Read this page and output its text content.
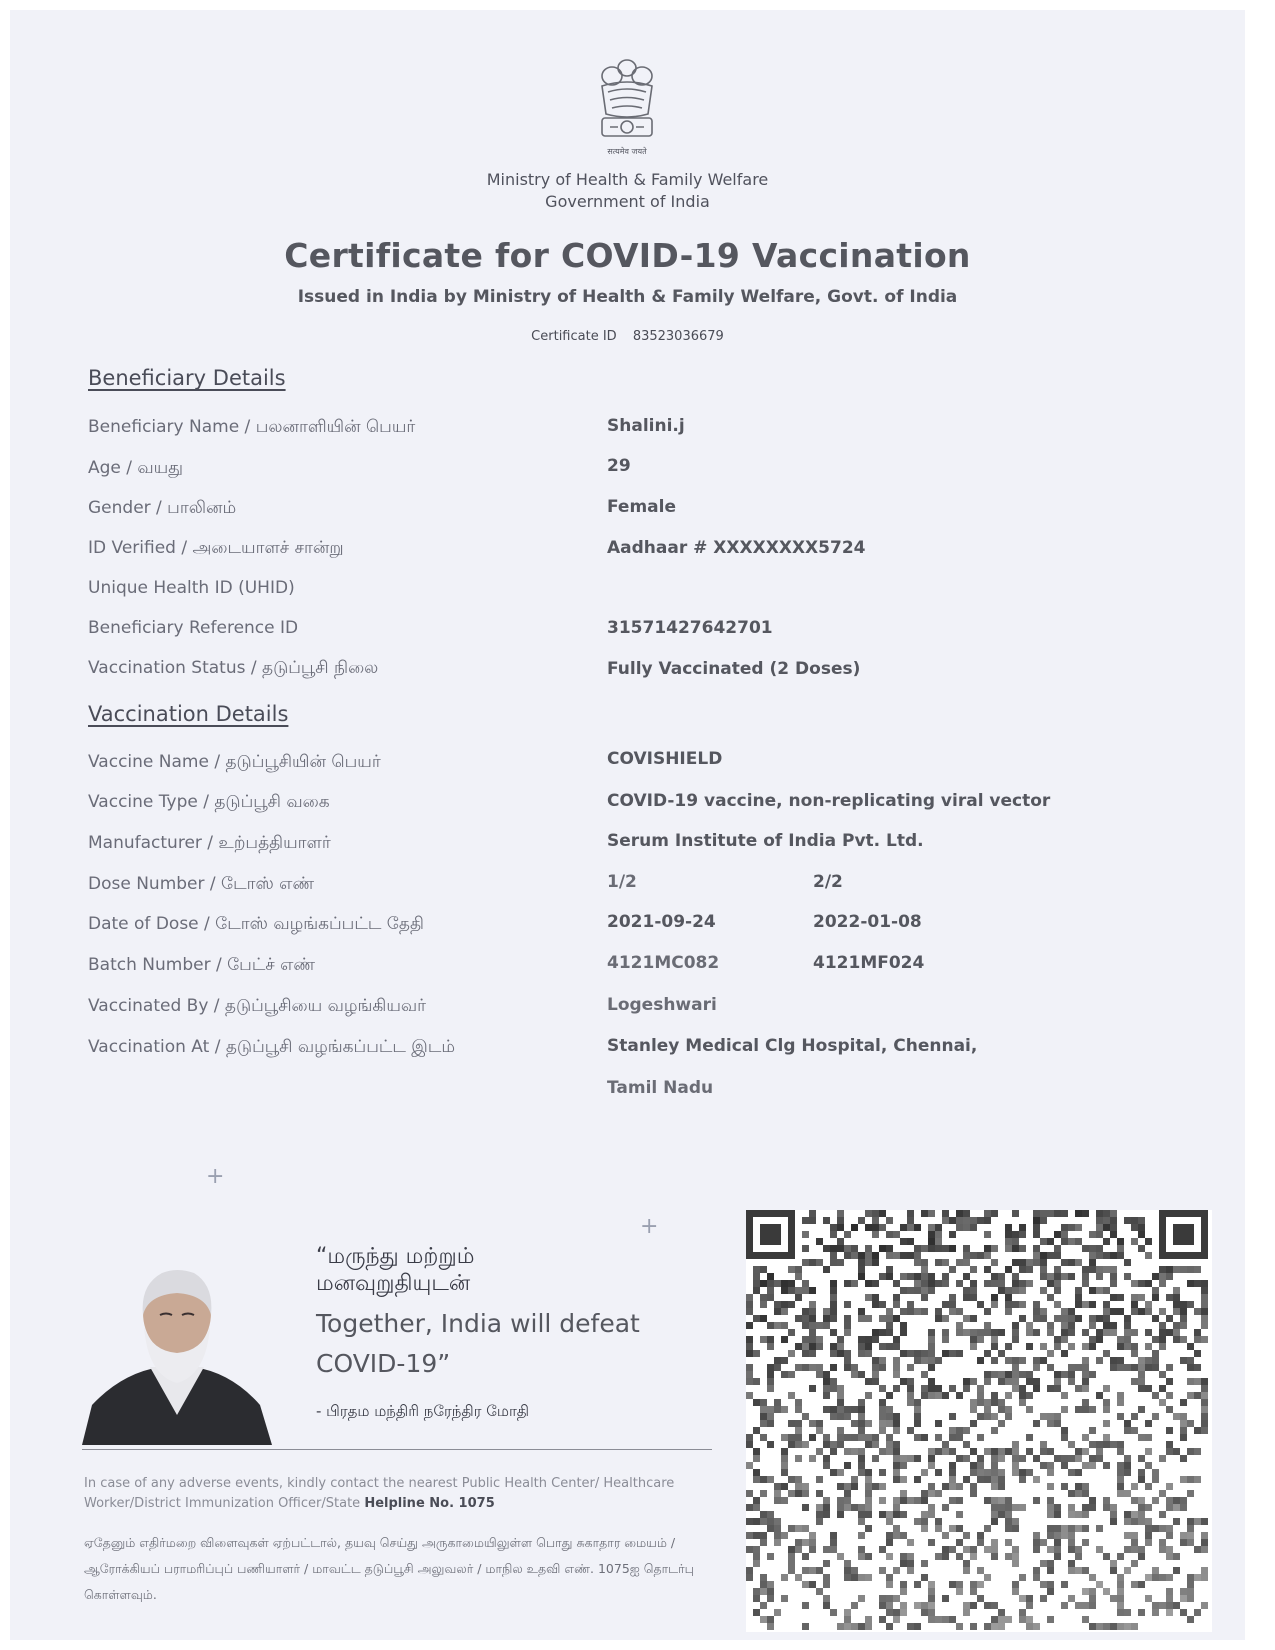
सत्यमेव जयते
Ministry of Health & Family Welfare
Government of India
Certificate for COVID-19 Vaccination
Issued in India by Ministry of Health & Family Welfare, Govt. of India
Certificate ID 83523036679
Beneficiary Details
Beneficiary Name / பலனாளியின் பெயர்	Shalini.j
Age / வயது	29
Gender / பாலினம்	Female
ID Verified / அடையாளச் சான்று	Aadhaar # XXXXXXXX5724
Unique Health ID (UHID)
Beneficiary Reference ID	31571427642701
Vaccination Status / தடுப்பூசி நிலை	Fully Vaccinated (2 Doses)
Vaccination Details
Vaccine Name / தடுப்பூசியின் பெயர்	COVISHIELD
Vaccine Type / தடுப்பூசி வகை	COVID-19 vaccine, non-replicating viral vector
Manufacturer / உற்பத்தியாளர்	Serum Institute of India Pvt. Ltd.
Dose Number / டோஸ் எண்	1/2	2/2
Date of Dose / டோஸ் வழங்கப்பட்ட தேதி	2021-09-24	2022-01-08
Batch Number / பேட்ச் எண்	4121MC082	4121MF024
Vaccinated By / தடுப்பூசியை வழங்கியவர்	Logeshwari
Vaccination At / தடுப்பூசி வழங்கப்பட்ட இடம்	Stanley Medical Clg Hospital, Chennai,
Tamil Nadu
+
+
“மருந்து மற்றும்
மனவுறுதியுடன்
Together, India will defeat COVID-19”
- பிரதம மந்திரி நரேந்திர மோதி
In case of any adverse events, kindly contact the nearest Public Health Center/ Healthcare Worker/District Immunization Officer/State Helpline No. 1075
ஏதேனும் எதிர்மறை விளைவுகள் ஏற்பட்டால், தயவு செய்து அருகாமையிலுள்ள பொது சுகாதார மையம் / ஆரோக்கியப் பராமரிப்புப் பணியாளர் / மாவட்ட தடுப்பூசி அலுவலர் / மாநில உதவி எண். 1075ஐ தொடர்பு கொள்ளவும்.
